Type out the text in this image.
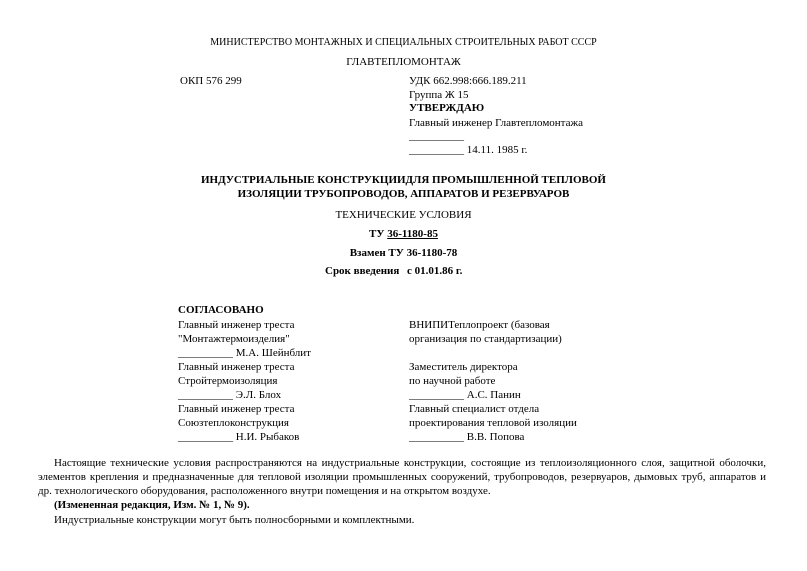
МИНИСТЕРСТВО МОНТАЖНЫХ И СПЕЦИАЛЬНЫХ СТРОИТЕЛЬНЫХ РАБОТ СССР
ГЛАВТЕПЛОМОНТАЖ
ОКП 576 299	УДК 662.998:666.189.211
Группа Ж 15
УТВЕРЖДАЮ
Главный инженер Главтепломонтажа
__________
__________ 14.11. 1985 г.
ИНДУСТРИАЛЬНЫЕ КОНСТРУКЦИИДЛЯ ПРОМЫШЛЕННОЙ ТЕПЛОВОЙ
ИЗОЛЯЦИИ ТРУБОПРОВОДОВ, АППАРАТОВ И РЕЗЕРВУАРОВ
ТЕХНИЧЕСКИЕ УСЛОВИЯ
ТУ 36-1180-85
Взамен ТУ 36-1180-78
Срок введения с 01.01.86 г.
СОГЛАСОВАНО
Главный инженер треста
"Монтажтермоизделия"
__________ М.А. Шейнблит
Главный инженер треста
Стройтермоизоляция
__________ Э.Л. Блох
Главный инженер треста
Союзтеплоконструкция
__________ Н.И. Рыбаков
ВНИПИТеплопроект (базовая
организация по стандартизации)
Заместитель директора
по научной работе
__________ А.С. Панин
Главный специалист отдела
проектирования тепловой изоляции
__________ В.В. Попова
Настоящие технические условия распространяются на индустриальные конструкции, состоящие из теплоизоляционного слоя, защитной оболочки, элементов крепления и предназначенные для тепловой изоляции промышленных сооружений, трубопроводов, резервуаров, дымовых труб, аппаратов и др. технологического оборудования, расположенного внутри помещения и на открытом воздухе.
(Измененная редакция, Изм. № 1, № 9).
Индустриальные конструкции могут быть полносборными и комплектными.
